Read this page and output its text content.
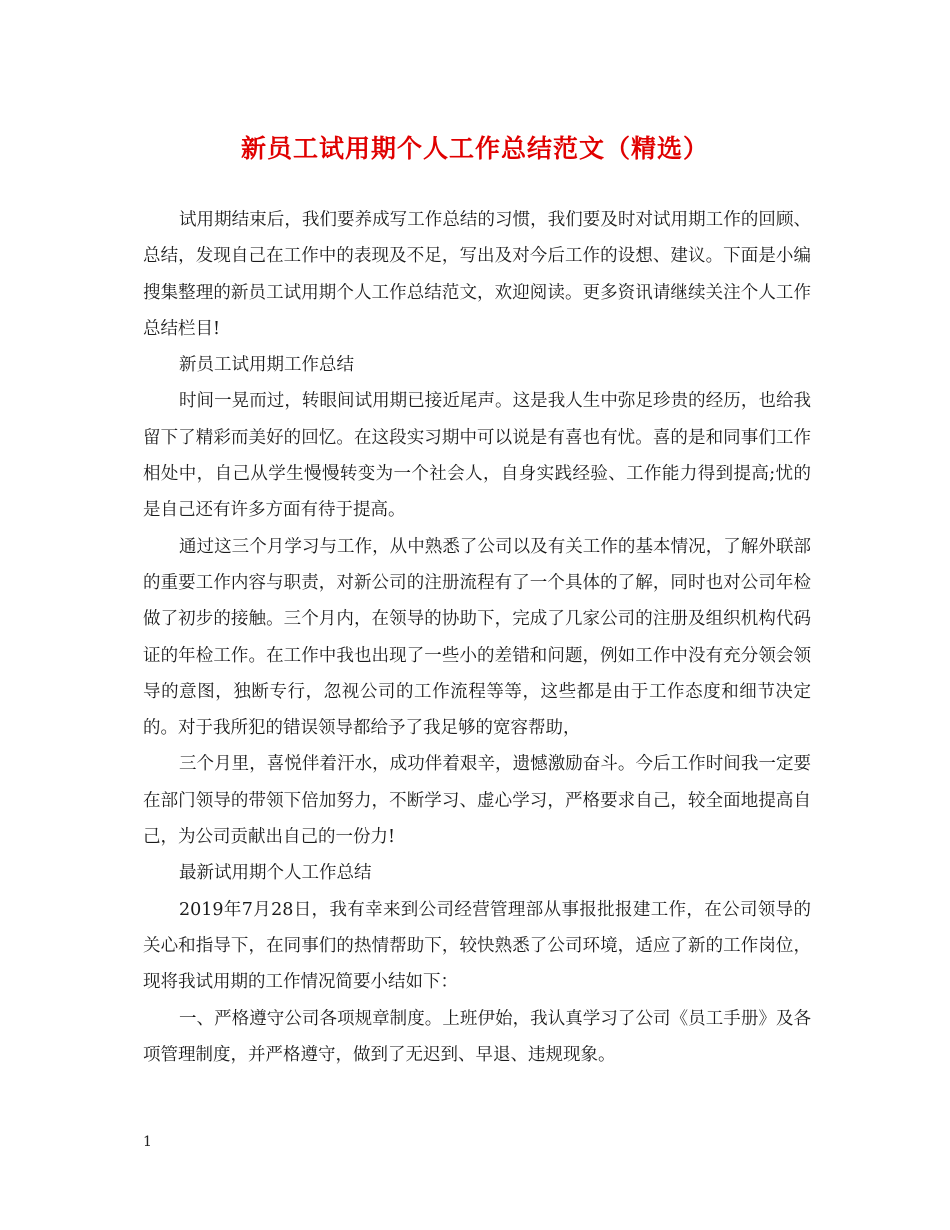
新员工试用期个人工作总结范文（精选）

试用期结束后，我们要养成写工作总结的习惯，我们要及时对试用期工作的回顾、总结，发现自己在工作中的表现及不足，写出及对今后工作的设想、建议。下面是小编搜集整理的新员工试用期个人工作总结范文，欢迎阅读。更多资讯请继续关注个人工作总结栏目!

新员工试用期工作总结

时间一晃而过，转眼间试用期已接近尾声。这是我人生中弥足珍贵的经历，也给我留下了精彩而美好的回忆。在这段实习期中可以说是有喜也有忧。喜的是和同事们工作相处中，自己从学生慢慢转变为一个社会人，自身实践经验、工作能力得到提高;忧的是自己还有许多方面有待于提高。

通过这三个月学习与工作，从中熟悉了公司以及有关工作的基本情况，了解外联部的重要工作内容与职责，对新公司的注册流程有了一个具体的了解，同时也对公司年检做了初步的接触。三个月内，在领导的协助下，完成了几家公司的注册及组织机构代码证的年检工作。在工作中我也出现了一些小的差错和问题，例如工作中没有充分领会领导的意图，独断专行，忽视公司的工作流程等等，这些都是由于工作态度和细节决定的。对于我所犯的错误领导都给予了我足够的宽容帮助，

三个月里，喜悦伴着汗水，成功伴着艰辛，遗憾激励奋斗。今后工作时间我一定要在部门领导的带领下倍加努力，不断学习、虚心学习，严格要求自己，较全面地提高自己，为公司贡献出自己的一份力!

最新试用期个人工作总结

2019年7月28日，我有幸来到公司经营管理部从事报批报建工作，在公司领导的关心和指导下，在同事们的热情帮助下，较快熟悉了公司环境，适应了新的工作岗位，现将我试用期的工作情况简要小结如下：

一、严格遵守公司各项规章制度。上班伊始，我认真学习了公司《员工手册》及各项管理制度，并严格遵守，做到了无迟到、早退、违规现象。

1
